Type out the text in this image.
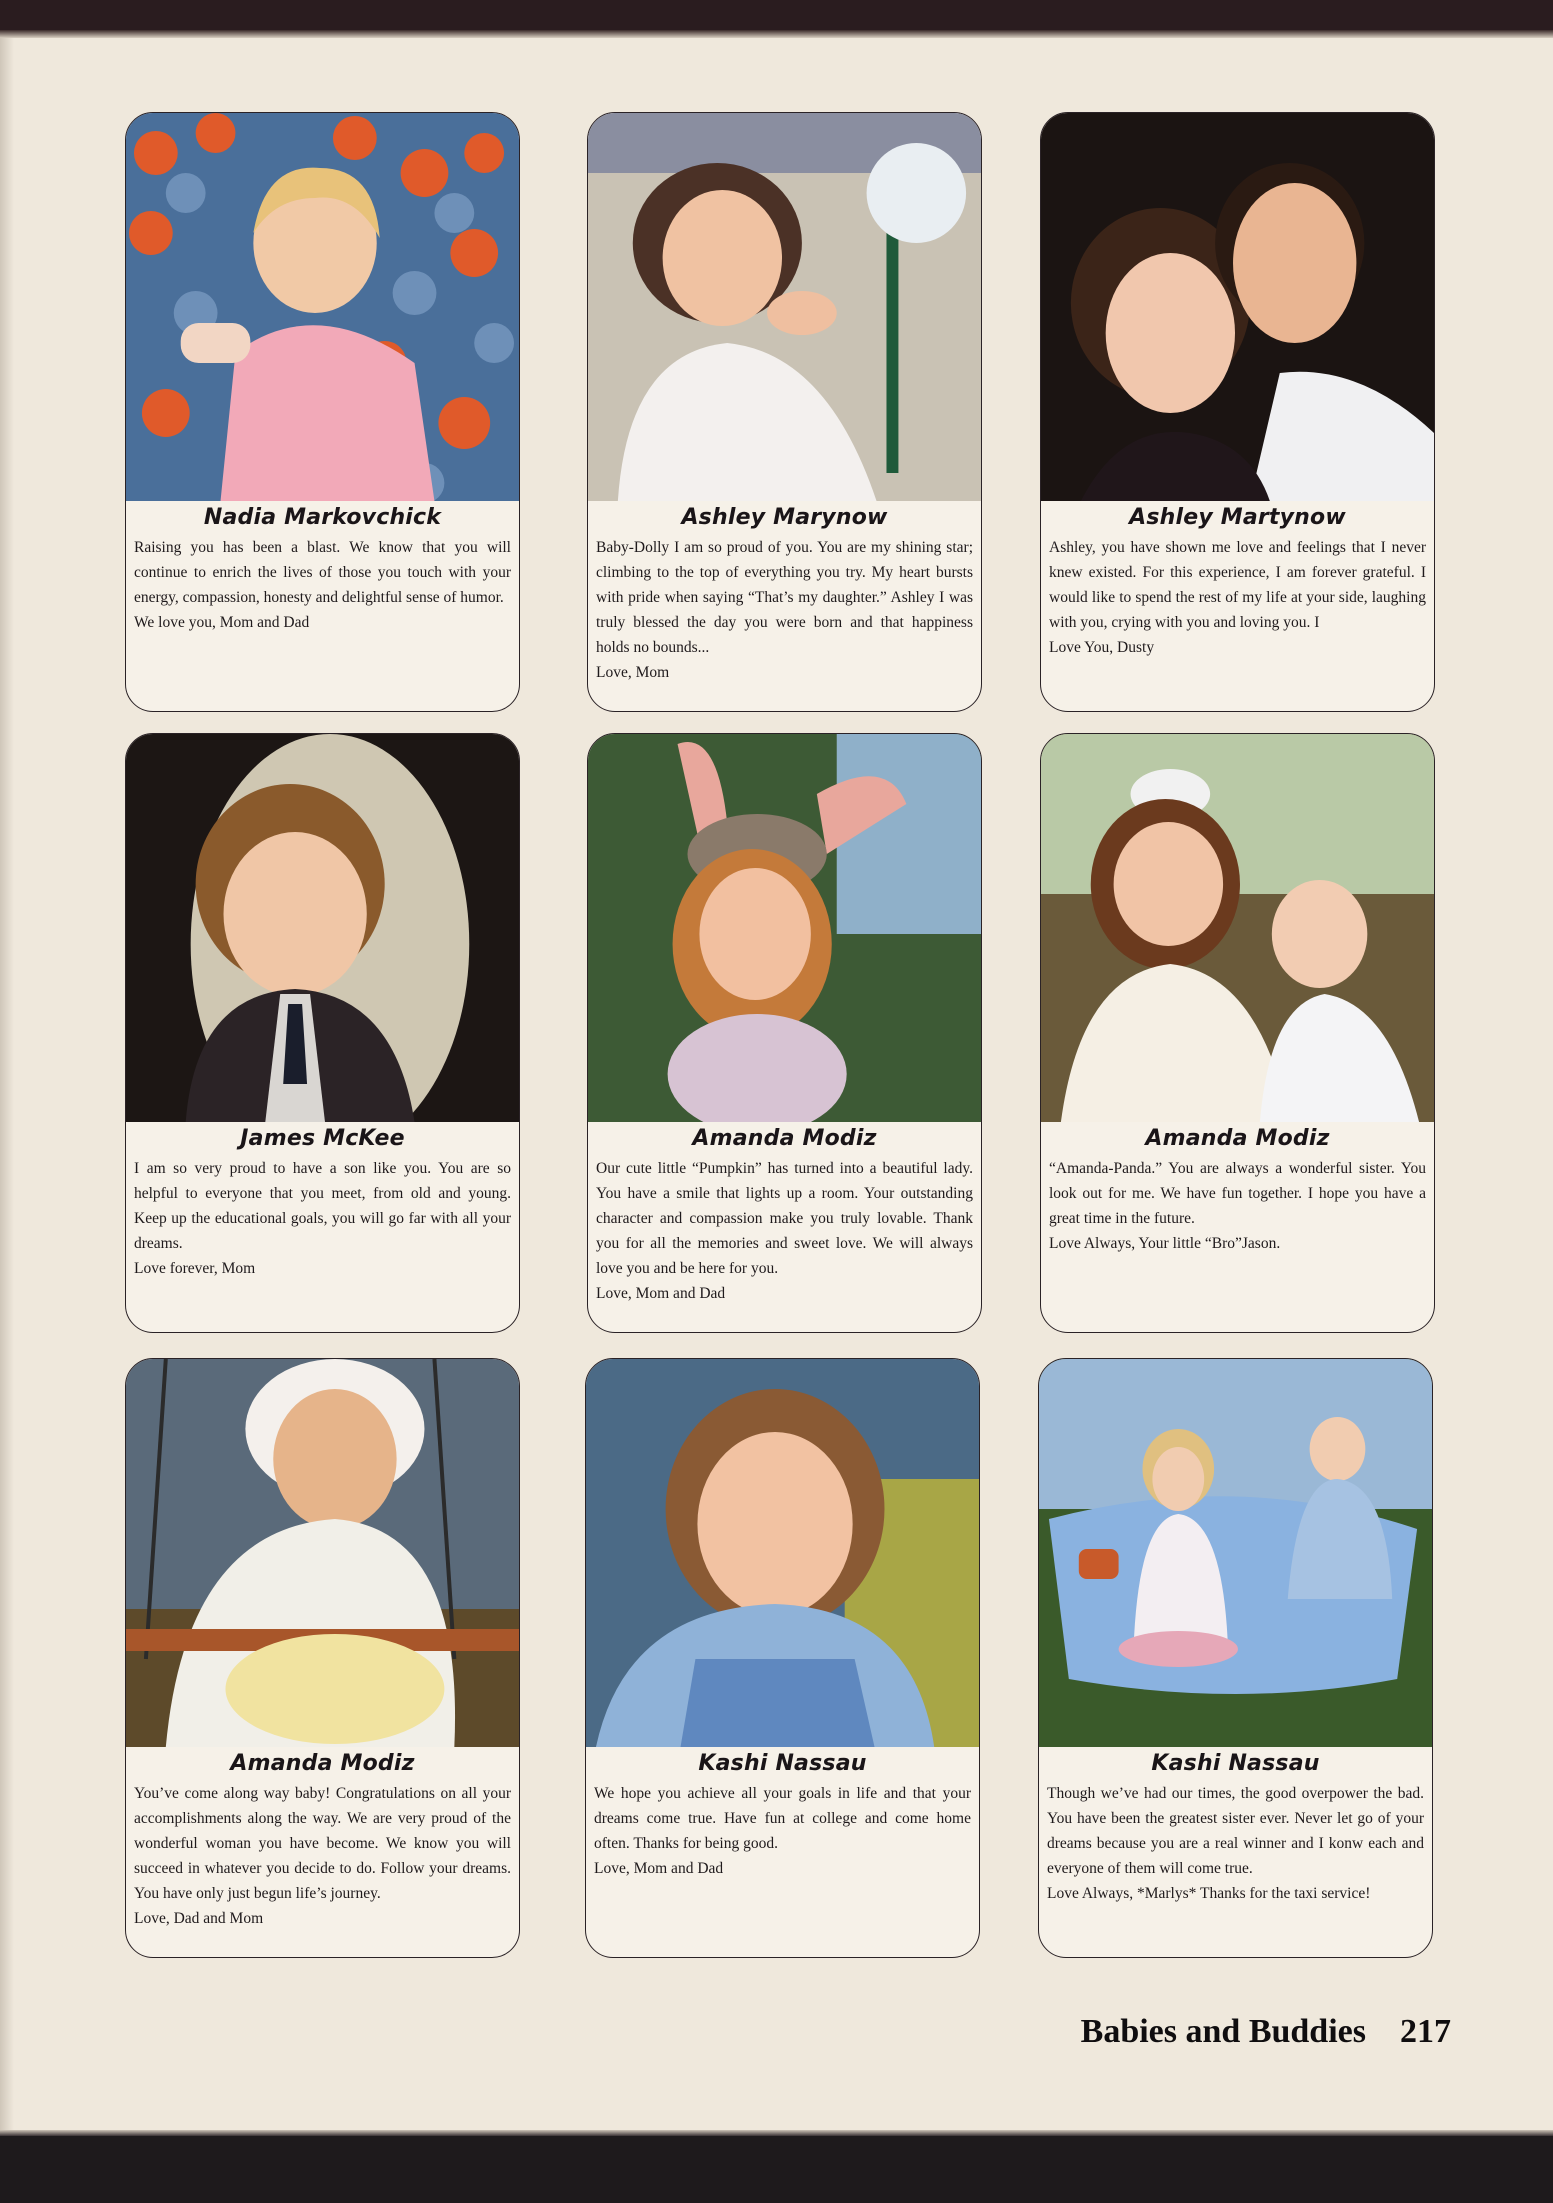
Nadia Markovchick

Raising you has been a blast. We know that you will continue to enrich the lives of those you touch with your energy, compassion, honesty and delightful sense of humor.

We love you, Mom and Dad

Ashley Marynow

Baby-Dolly I am so proud of you. You are my shining star; climbing to the top of everything you try. My heart bursts with pride when saying “That’s my daughter.” Ashley I was truly blessed the day you were born and that happiness holds no bounds...

Love, Mom

Ashley Martynow

Ashley, you have shown me love and feelings that I never knew existed. For this experience, I am forever grateful. I would like to spend the rest of my life at your side, laughing with you, crying with you and loving you. I

Love You, Dusty

James McKee

I am so very proud to have a son like you. You are so helpful to everyone that you meet, from old and young. Keep up the educational goals, you will go far with all your dreams.

Love forever, Mom

Amanda Modiz

Our cute little “Pumpkin” has turned into a beautiful lady. You have a smile that lights up a room. Your outstanding character and compassion make you truly lovable. Thank you for all the memories and sweet love. We will always love you and be here for you.

Love, Mom and Dad

Amanda Modiz

“Amanda-Panda.” You are always a wonderful sister. You look out for me. We have fun together. I hope you have a great time in the future.

Love Always, Your little “Bro”Jason.

Amanda Modiz

You’ve come along way baby! Congratulations on all your accomplishments along the way. We are very proud of the wonderful woman you have become. We know you will succeed in whatever you decide to do. Follow your dreams. You have only just begun life’s journey.

Love, Dad and Mom

Kashi Nassau

We hope you achieve all your goals in life and that your dreams come true. Have fun at college and come home often. Thanks for being good.

Love, Mom and Dad

Kashi Nassau

Though we’ve had our times, the good overpower the bad. You have been the greatest sister ever. Never let go of your dreams because you are a real winner and I konw each and everyone of them will come true.

Love Always, *Marlys* Thanks for the taxi service!

Babies and Buddies 217
